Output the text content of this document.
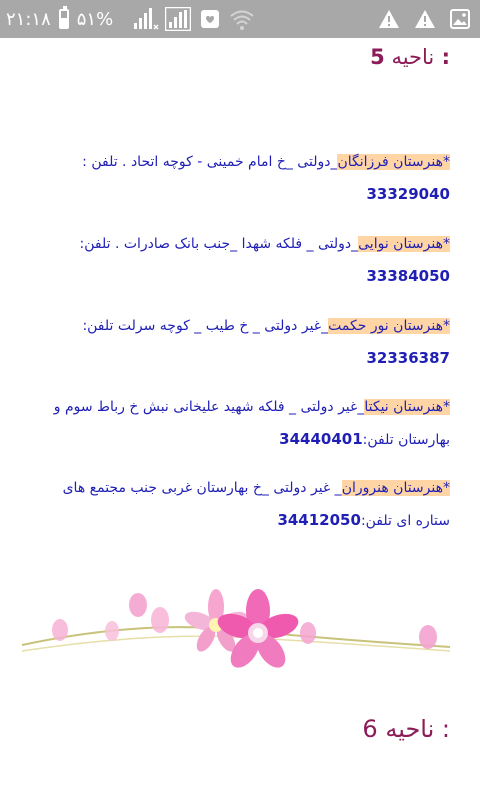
۲۱:۱۸ ۵۱%
ناحیه 5 :
*هنرستان فرزانگان_دولتی _خ امام خمینی - کوچه اتحاد . تلفن : 33329040
*هنرستان نوایی_دولتی _ فلکه شهدا _جنب بانک صادرات . تلفن: 33384050
*هنرستان نور حکمت_غیر دولتی _ خ طیب _ کوچه سرلت تلفن: 32336387
*هنرستان نیکتا_غیر دولتی _ فلکه شهید علیخانی نبش خ رباط سوم و بهارستان تلفن:34440401
*هنرستان هنروران_ غیر دولتی _خ بهارستان غربی جنب مجتمع های ستاره ای تلفن:34412050
ناحیه 6 :
